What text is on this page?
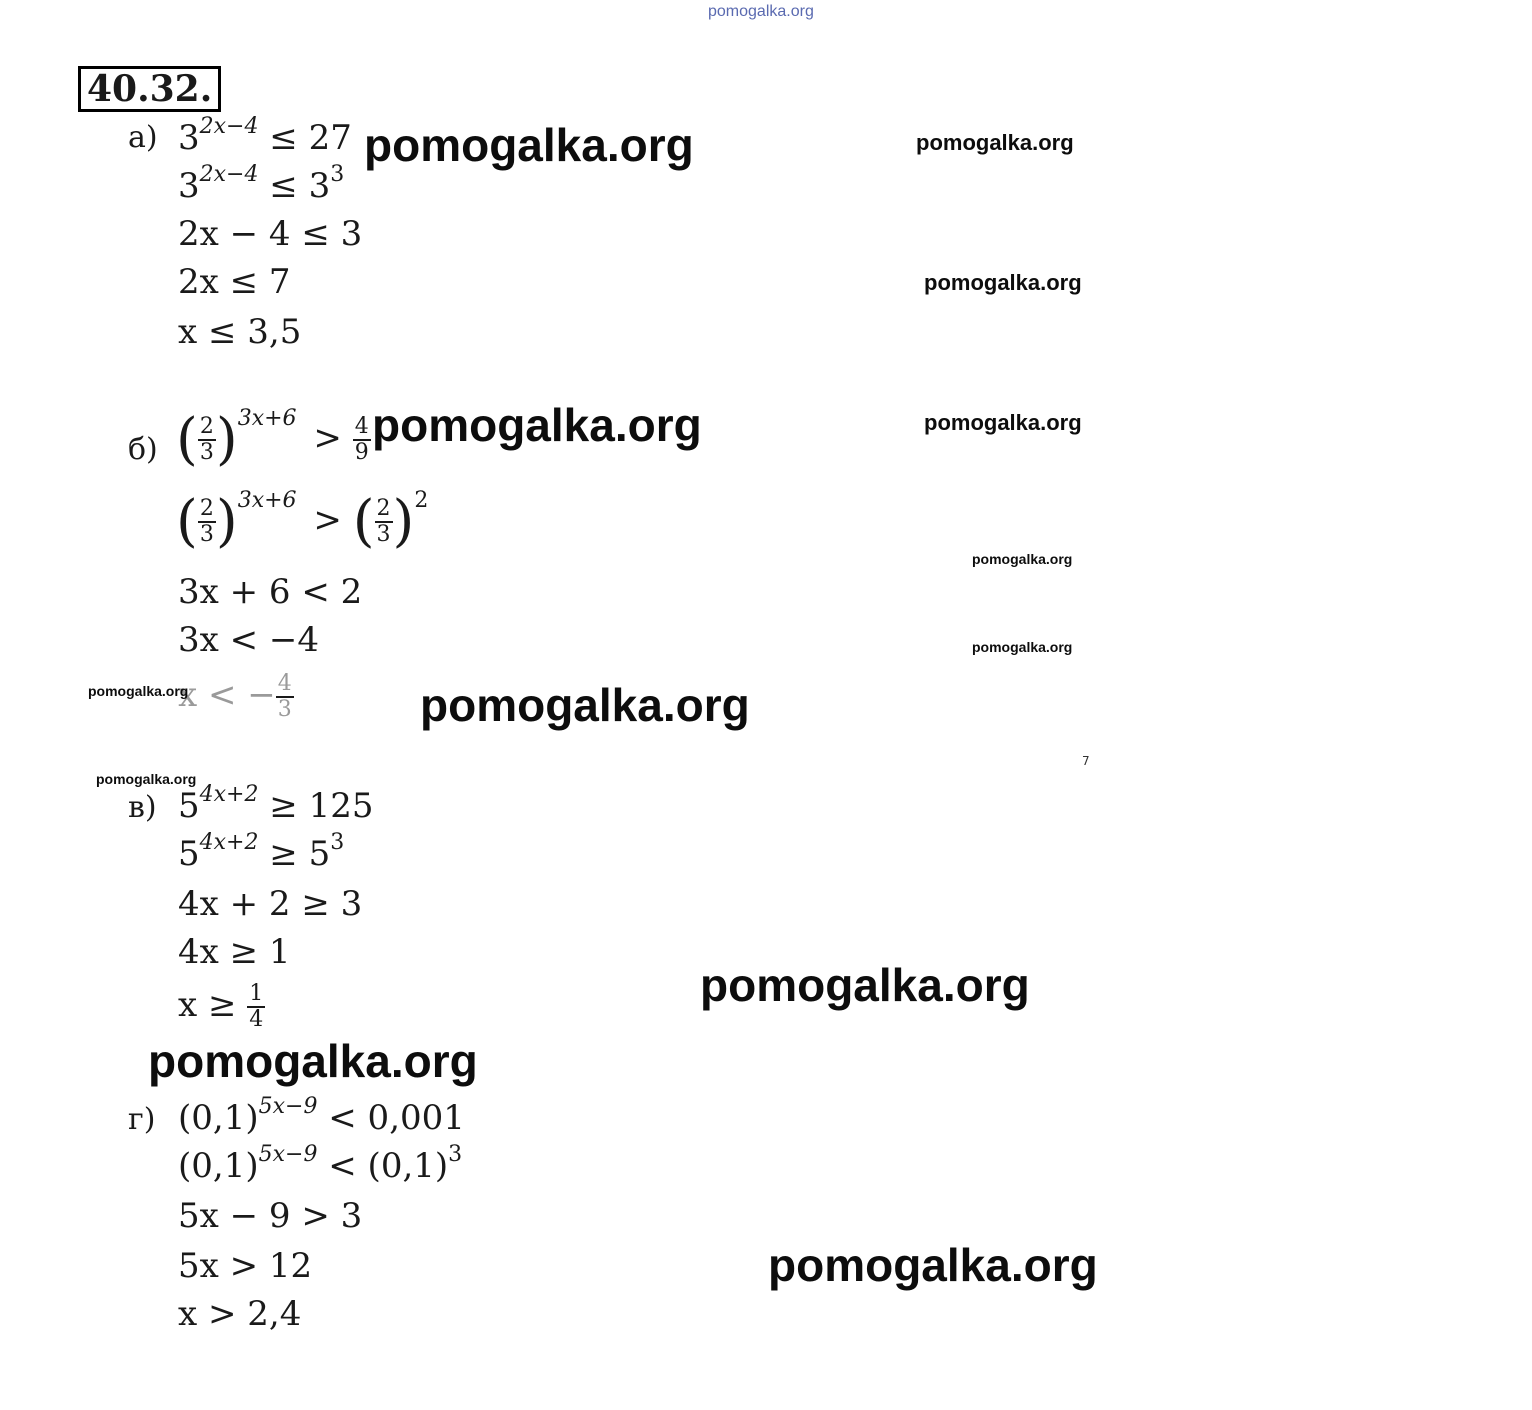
pomogalka.org
40.32.
а) $3^{2x-4} \le 27$
$3^{2x-4} \le 3^3$
2x − 4 ≤ 3
2x ≤ 7
x ≤ 3,5
б) ( $\frac{2}{3} )^{3x+6} > \frac{4}{9}$
( $\frac{2}{3} )^{3x+6}$ > ( $\frac{2}{3} )^2$
3x + 6 < 2
3x < −4
x < − $\frac{4}{3}$
в) $5^{4x+2} \ge 125$
$5^{4x+2} \ge 5^3$
4x + 2 ≥ 3
4x ≥ 1
$x \ge \frac{1}{4}$
г) $(0,1)^{5x-9} < 0,001$
$(0,1)^{5x-9} < (0,1)^3$
5x − 9 > 3
5x > 12
x > 2,4
pomogalka.org	pomogalka.org
pomogalka.org
pomogalka.org	pomogalka.org
pomogalka.org
pomogalka.org
pomogalka.org	pomogalka.org
pomogalka.org
pomogalka.org
pomogalka.org
pomogalka.org
7
